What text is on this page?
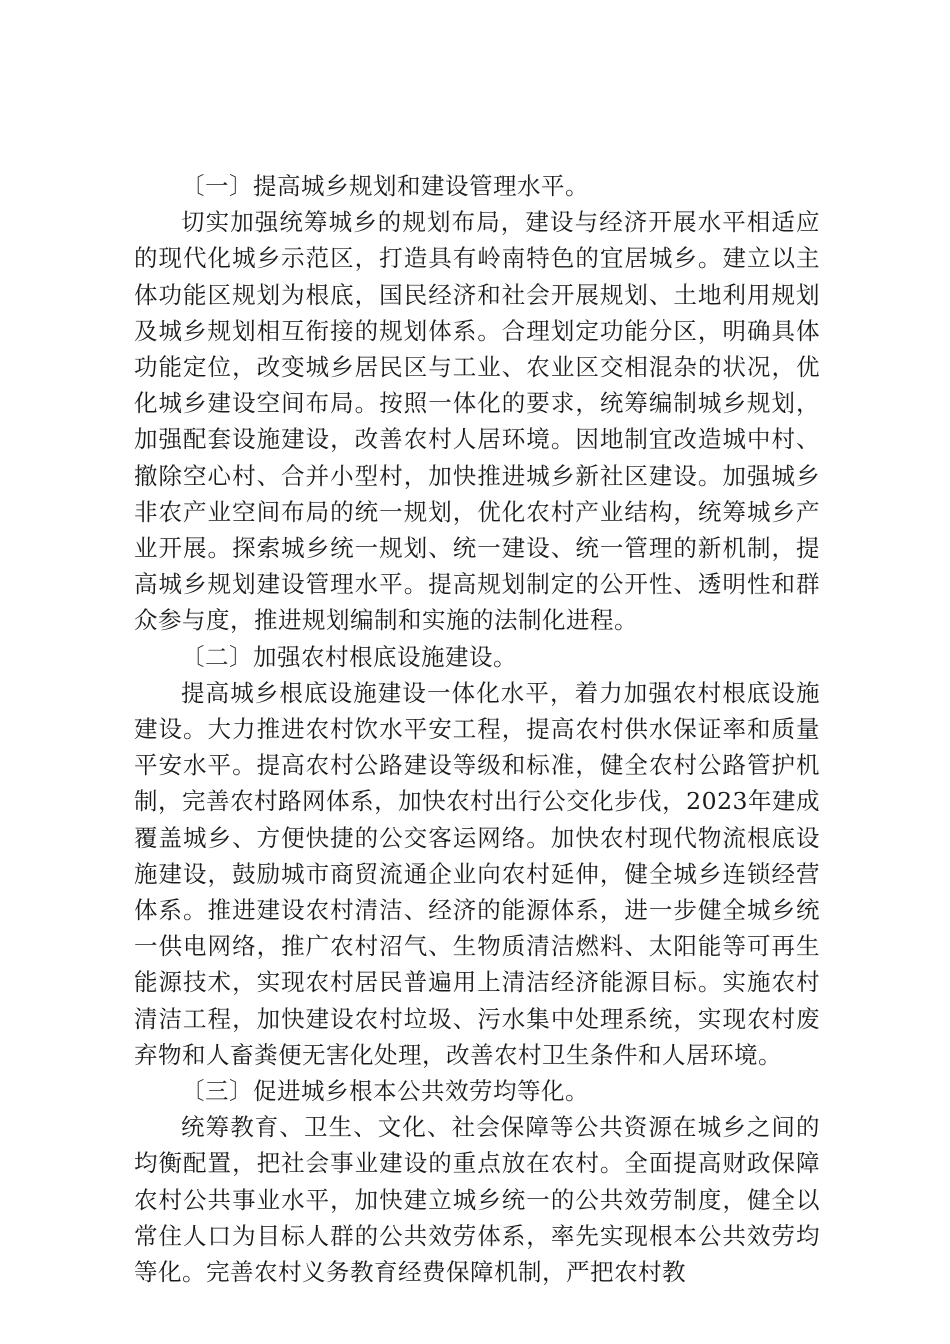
〔一〕提高城乡规划和建设管理水平。

切实加强统筹城乡的规划布局，建设与经济开展水平相适应的现代化城乡示范区，打造具有岭南特色的宜居城乡。建立以主体功能区规划为根底，国民经济和社会开展规划、土地利用规划及城乡规划相互衔接的规划体系。合理划定功能分区，明确具体功能定位，改变城乡居民区与工业、农业区交相混杂的状况，优化城乡建设空间布局。按照一体化的要求，统筹编制城乡规划，加强配套设施建设，改善农村人居环境。因地制宜改造城中村、撤除空心村、合并小型村，加快推进城乡新社区建设。加强城乡非农产业空间布局的统一规划，优化农村产业结构，统筹城乡产业开展。探索城乡统一规划、统一建设、统一管理的新机制，提高城乡规划建设管理水平。提高规划制定的公开性、透明性和群众参与度，推进规划编制和实施的法制化进程。

〔二〕加强农村根底设施建设。

提高城乡根底设施建设一体化水平，着力加强农村根底设施建设。大力推进农村饮水平安工程，提高农村供水保证率和质量平安水平。提高农村公路建设等级和标准，健全农村公路管护机制，完善农村路网体系，加快农村出行公交化步伐，2023年建成覆盖城乡、方便快捷的公交客运网络。加快农村现代物流根底设施建设，鼓励城市商贸流通企业向农村延伸，健全城乡连锁经营体系。推进建设农村清洁、经济的能源体系，进一步健全城乡统一供电网络，推广农村沼气、生物质清洁燃料、太阳能等可再生能源技术，实现农村居民普遍用上清洁经济能源目标。实施农村清洁工程，加快建设农村垃圾、污水集中处理系统，实现农村废弃物和人畜粪便无害化处理，改善农村卫生条件和人居环境。

〔三〕促进城乡根本公共效劳均等化。

统筹教育、卫生、文化、社会保障等公共资源在城乡之间的均衡配置，把社会事业建设的重点放在农村。全面提高财政保障农村公共事业水平，加快建立城乡统一的公共效劳制度，健全以常住人口为目标人群的公共效劳体系，率先实现根本公共效劳均等化。完善农村义务教育经费保障机制，严把农村教
